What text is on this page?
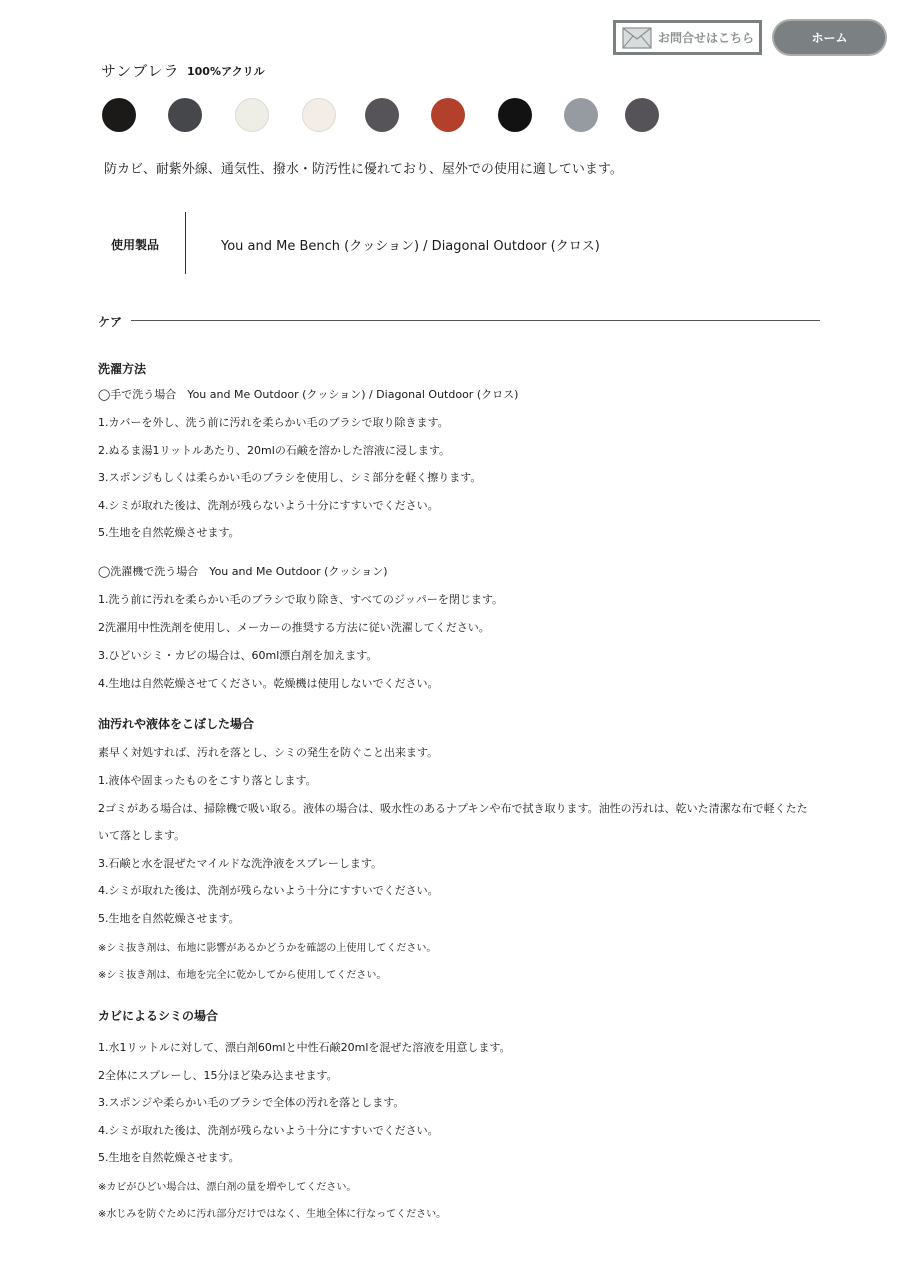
お問合せはこちら	ホーム
サンブレラ 100%アクリル
防カビ、耐紫外線、通気性、撥水・防汚性に優れており、屋外での使用に適しています。
使用製品	You and Me Bench (クッション) / Diagonal Outdoor (クロス)
ケア
洗濯方法
◯手で洗う場合　You and Me Outdoor (クッション) / Diagonal Outdoor (クロス)
1.カバーを外し、洗う前に汚れを柔らかい毛のブラシで取り除きます。
2.ぬるま湯1リットルあたり、20mlの石鹸を溶かした溶液に浸します。
3.スポンジもしくは柔らかい毛のブラシを使用し、シミ部分を軽く擦ります。
4.シミが取れた後は、洗剤が残らないよう十分にすすいでください。
5.生地を自然乾燥させます。
◯洗濯機で洗う場合　You and Me Outdoor (クッション)
1.洗う前に汚れを柔らかい毛のブラシで取り除き、すべてのジッパーを閉じます。
2洗濯用中性洗剤を使用し、メーカーの推奨する方法に従い洗濯してください。
3.ひどいシミ・カビの場合は、60ml漂白剤を加えます。
4.生地は自然乾燥させてください。乾燥機は使用しないでください。
油汚れや液体をこぼした場合
素早く対処すれば、汚れを落とし、シミの発生を防ぐこと出来ます。
1.液体や固まったものをこすり落とします。
2ゴミがある場合は、掃除機で吸い取る。液体の場合は、吸水性のあるナプキンや布で拭き取ります。油性の汚れは、乾いた清潔な布で軽くたた
いて落とします。
3.石鹸と水を混ぜたマイルドな洗浄液をスプレーします。
4.シミが取れた後は、洗剤が残らないよう十分にすすいでください。
5.生地を自然乾燥させます。
※シミ抜き剤は、布地に影響があるかどうかを確認の上使用してください。
※シミ抜き剤は、布地を完全に乾かしてから使用してください。
カビによるシミの場合
1.水1リットルに対して、漂白剤60mlと中性石鹸20mlを混ぜた溶液を用意します。
2全体にスプレーし、15分ほど染み込ませます。
3.スポンジや柔らかい毛のブラシで全体の汚れを落とします。
4.シミが取れた後は、洗剤が残らないよう十分にすすいでください。
5.生地を自然乾燥させます。
※カビがひどい場合は、漂白剤の量を増やしてください。
※水じみを防ぐために汚れ部分だけではなく、生地全体に行なってください。
